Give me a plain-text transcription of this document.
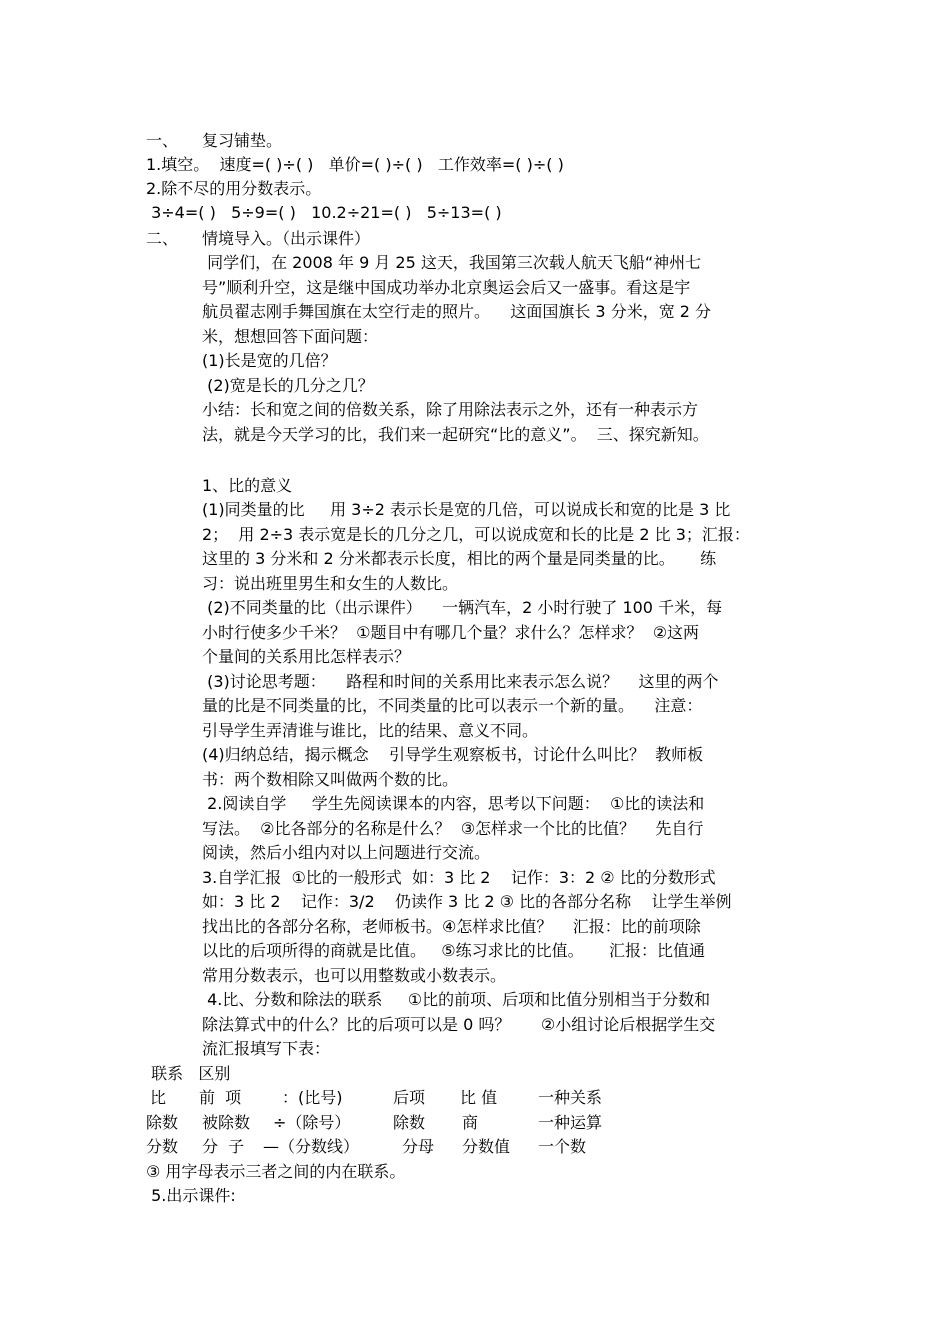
一、 复习铺垫。
1.填空。  速度=( )÷( )   单价=( )÷( )   工作效率=( )÷( )
2.除不尽的用分数表示。
3÷4=( )   5÷9=( )   10.2÷21=( )   5÷13=( )
二、 情境导入。（出示课件）
同学们，在 2008 年 9 月 25 这天，我国第三次载人航天飞船“神州七
号”顺利升空，这是继中国成功举办北京奥运会后又一盛事。看这是宇
航员翟志刚手舞国旗在太空行走的照片。    这面国旗长 3 分米，宽 2 分
米，想想回答下面问题：
(1)长是宽的几倍？
(2)宽是长的几分之几？
小结：长和宽之间的倍数关系，除了用除法表示之外，还有一种表示方
法，就是今天学习的比，我们来一起研究“比的意义”。  三、探究新知。
1、比的意义
(1)同类量的比     用 3÷2 表示长是宽的几倍，可以说成长和宽的比是 3 比
2；  用 2÷3 表示宽是长的几分之几，可以说成宽和长的比是 2 比 3；汇报：
这里的 3 分米和 2 分米都表示长度，相比的两个量是同类量的比。     练
习：说出班里男生和女生的人数比。
(2)不同类量的比（出示课件）    一辆汽车，2 小时行驶了 100 千米，每
小时行使多少千米？  ①题目中有哪几个量？求什么？怎样求？  ②这两
个量间的关系用比怎样表示？
(3)讨论思考题：    路程和时间的关系用比来表示怎么说？    这里的两个
量的比是不同类量的比，不同类量的比可以表示一个新的量。    注意：
引导学生弄清谁与谁比，比的结果、意义不同。
(4)归纳总结，揭示概念    引导学生观察板书，讨论什么叫比？  教师板
书：两个数相除又叫做两个数的比。
2.阅读自学     学生先阅读课本的内容，思考以下问题：  ①比的读法和
写法。  ②比各部分的名称是什么？  ③怎样求一个比的比值？    先自行
阅读，然后小组内对以上问题进行交流。
3.自学汇报  ①比的一般形式  如：3 比 2    记作：3：2 ② 比的分数形式
如：3 比 2    记作：3/2    仍读作 3 比 2 ③ 比的各部分名称    让学生举例
找出比的各部分名称，老师板书。④怎样求比值？    汇报：比的前项除
以比的后项所得的商就是比值。   ⑤练习求比的比值。     汇报：比值通
常用分数表示，也可以用整数或小数表示。
4.比、分数和除法的联系     ①比的前项、后项和比值分别相当于分数和
除法算式中的什么？比的后项可以是 0 吗？      ②小组讨论后根据学生交
流汇报填写下表：
联系   区别
比 前  项	：(比号)	后项 比 值	一种关系
除数 被除数 ÷（除号）	除数 商	一种运算
分数 分  子 —（分数线）	分母 分数值 一个数
③ 用字母表示三者之间的内在联系。
5.出示课件:
